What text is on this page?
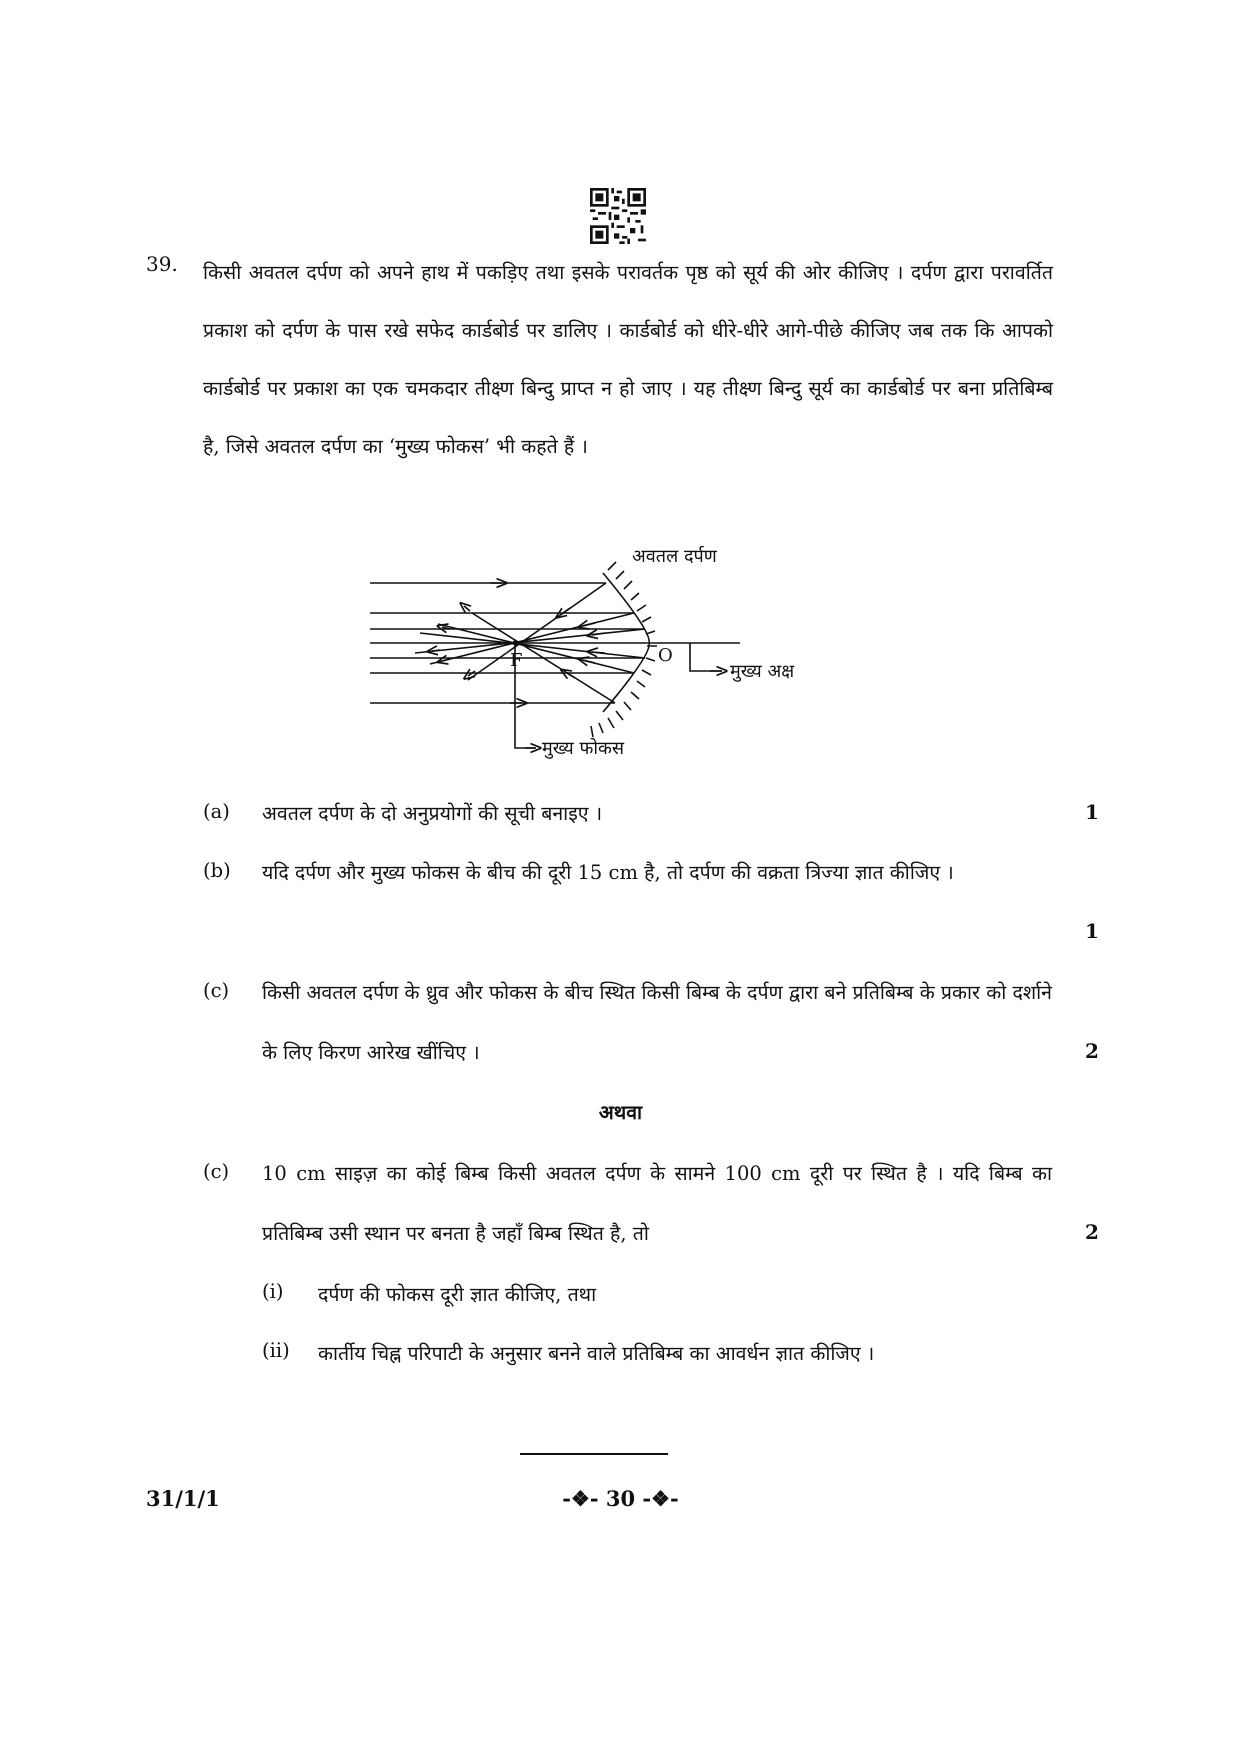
39. किसी अवतल दर्पण को अपने हाथ में पकड़िए तथा इसके परावर्तक पृष्ठ को सूर्य की ओर कीजिए । दर्पण द्वारा परावर्तित प्रकाश को दर्पण के पास रखे सफेद कार्डबोर्ड पर डालिए । कार्डबोर्ड को धीरे-धीरे आगे-पीछे कीजिए जब तक कि आपको कार्डबोर्ड पर प्रकाश का एक चमकदार तीक्ष्ण बिन्दु प्राप्त न हो जाए । यह तीक्ष्ण बिन्दु सूर्य का कार्डबोर्ड पर बना प्रतिबिम्ब है, जिसे अवतल दर्पण का ‘मुख्य फोकस’ भी कहते हैं ।
अवतल दर्पण
F	O
मुख्य अक्ष
मुख्य फोकस
(a) अवतल दर्पण के दो अनुप्रयोगों की सूची बनाइए ।	1
(b) यदि दर्पण और मुख्य फोकस के बीच की दूरी 15 cm है, तो दर्पण की वक्रता त्रिज्या ज्ञात कीजिए ।
1
(c) किसी अवतल दर्पण के ध्रुव और फोकस के बीच स्थित किसी बिम्ब के दर्पण द्वारा बने प्रतिबिम्ब के प्रकार को दर्शाने के लिए किरण आरेख खींचिए ।	2
अथवा
(c) 10 cm साइज़ का कोई बिम्ब किसी अवतल दर्पण के सामने 100 cm दूरी पर स्थित है । यदि बिम्ब का प्रतिबिम्ब उसी स्थान पर बनता है जहाँ बिम्ब स्थित है, तो	2
(i) दर्पण की फोकस दूरी ज्ञात कीजिए, तथा
(ii) कार्तीय चिह्न परिपाटी के अनुसार बनने वाले प्रतिबिम्ब का आवर्धन ज्ञात कीजिए ।
31/1/1	-❖- 30 -❖-
